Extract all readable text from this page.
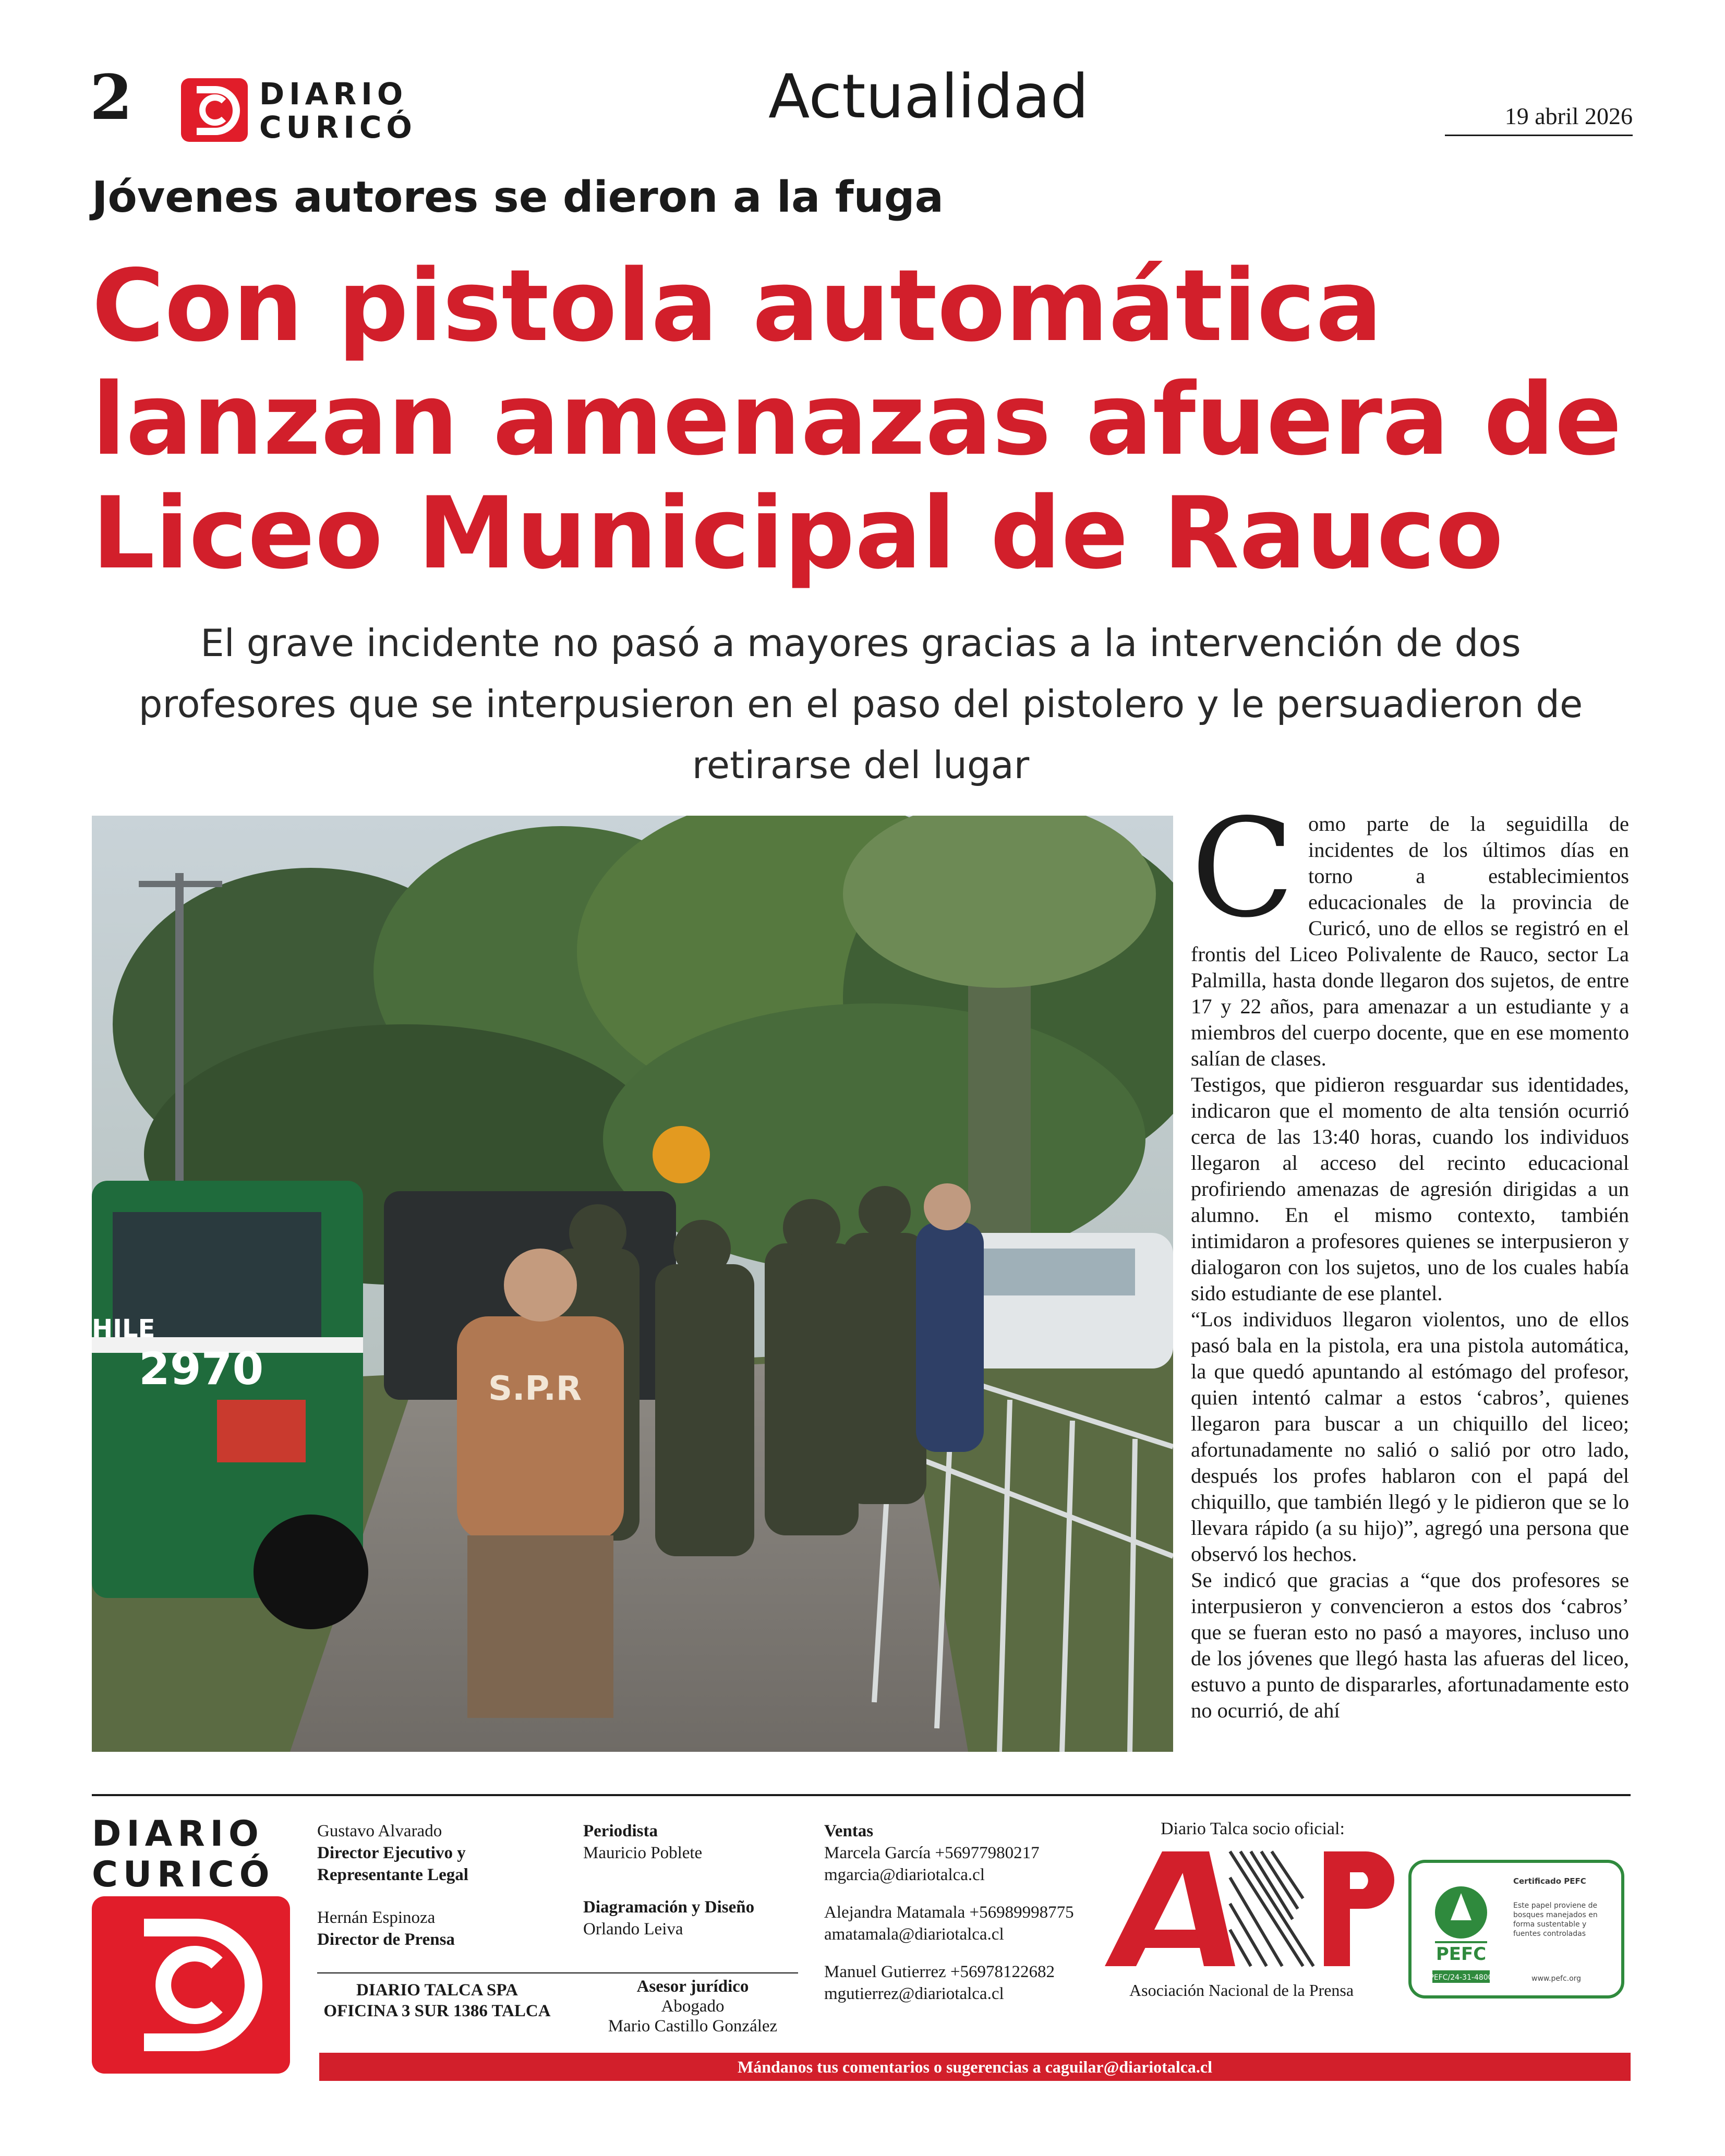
2	DIARIO
CURICÓ	Actualidad	19 abril 2026
Jóvenes autores se dieron a la fuga
Con pistola automática lanzan amenazas afuera de Liceo Municipal de Rauco
El grave incidente no pasó a mayores gracias a la intervención de dos profesores que se interpusieron en el paso del pistolero y le persuadieron de retirarse del lugar
HILE
2970	S.P.R
C omo parte de la seguidilla de incidentes de los últimos días en torno a establecimientos educacionales de la provincia de Curicó, uno de ellos se registró en el frontis del Liceo Polivalente de Rauco, sector La Palmilla, hasta donde llegaron dos sujetos, de entre 17 y 22 años, para amenazar a un estudiante y a miembros del cuerpo docente, que en ese momento salían de clases.

Testigos, que pidieron resguardar sus identidades, indicaron que el momento de alta tensión ocurrió cerca de las 13:40 horas, cuando los individuos llegaron al acceso del recinto educacional profiriendo amenazas de agresión dirigidas a un alumno. En el mismo contexto, también intimidaron a profesores quienes se interpusieron y dialogaron con los sujetos, uno de los cuales había sido estudiante de ese plantel.

“Los individuos llegaron violentos, uno de ellos pasó bala en la pistola, era una pistola automática, la que quedó apuntando al estómago del profesor, quien intentó calmar a estos ‘cabros’, quienes llegaron para buscar a un chiquillo del liceo; afortunadamente no salió o salió por otro lado, después los profes hablaron con el papá del chiquillo, que también llegó y le pidieron que se lo llevara rápido (a su hijo)”, agregó una persona que observó los hechos.

Se indicó que gracias a “que dos profesores se interpusieron y convencieron a estos dos ‘cabros’ que se fueran esto no pasó a mayores, incluso uno de los jóvenes que llegó hasta las afueras del liceo, estuvo a punto de dispararles, afortunadamente esto no ocurrió, de ahí

DIARIO
CURICÓ
Gustavo Alvarado
Director Ejecutivo y
Representante Legal
Hernán Espinoza
Director de Prensa
Periodista
Mauricio Poblete
Diagramación y Diseño
Orlando Leiva
Ventas
Marcela García +56977980217
mgarcia@diariotalca.cl
Alejandra Matamala +56989998775
amatamala@diariotalca.cl
Manuel Gutierrez +56978122682
mgutierrez@diariotalca.cl
DIARIO TALCA SPA
OFICINA 3 SUR 1386 TALCA
Asesor jurídico
Abogado
Mario Castillo González
Diario Talca socio oficial:
Asociación Nacional de la Prensa
PEFC
PEFC/24-31-4800
Certificado PEFC
Este papel proviene de
bosques manejados en
forma sustentable y
fuentes controladas
www.pefc.org
Mándanos tus comentarios o sugerencias a caguilar@diariotalca.cl
